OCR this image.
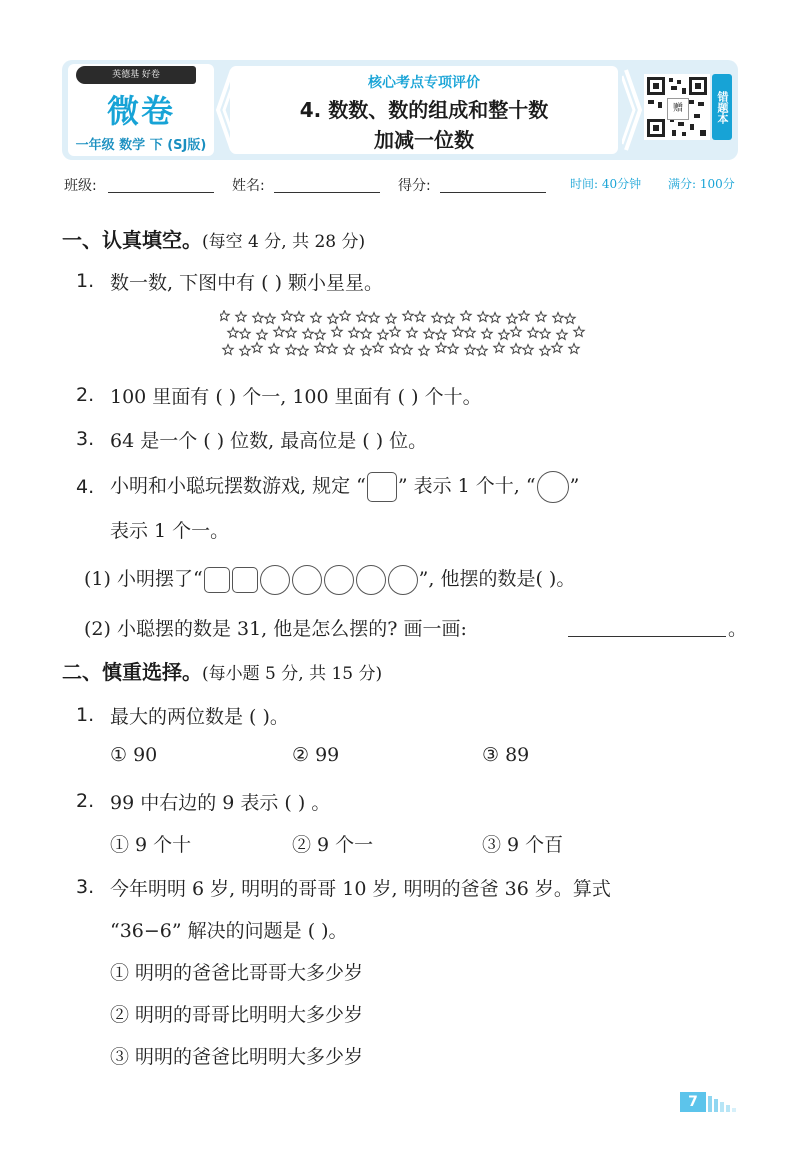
英德基 好卷
微卷
一年级 数学 下 (SJ版)
核心考点专项评价
4. 数数、数的组成和整十数
加减一位数
赠	错题本
班级:	姓名:	得分:	时间: 40分钟 满分: 100分
一、认真填空。(每空 4 分, 共 28 分)
1. 数一数, 下图中有 ( ) 颗小星星。
2. 100 里面有 ( ) 个一, 100 里面有 ( ) 个十。
3. 64 是一个 ( ) 位数, 最高位是 ( ) 位。
4. 小明和小聪玩摆数游戏, 规定 “ ” 表示 1 个十, “ ”
表示 1 个一。
(1) 小明摆了“	”, 他摆的数是( )。
(2) 小聪摆的数是 31, 他是怎么摆的? 画一画:	。
二、慎重选择。(每小题 5 分, 共 15 分)
1. 最大的两位数是 ( )。
① 90	② 99	③ 89
2. 99 中右边的 9 表示 ( ) 。
① 9 个十	② 9 个一	③ 9 个百
3. 今年明明 6 岁, 明明的哥哥 10 岁, 明明的爸爸 36 岁。算式
“36−6” 解决的问题是 ( )。
① 明明的爸爸比哥哥大多少岁
② 明明的哥哥比明明大多少岁
③ 明明的爸爸比明明大多少岁
7
